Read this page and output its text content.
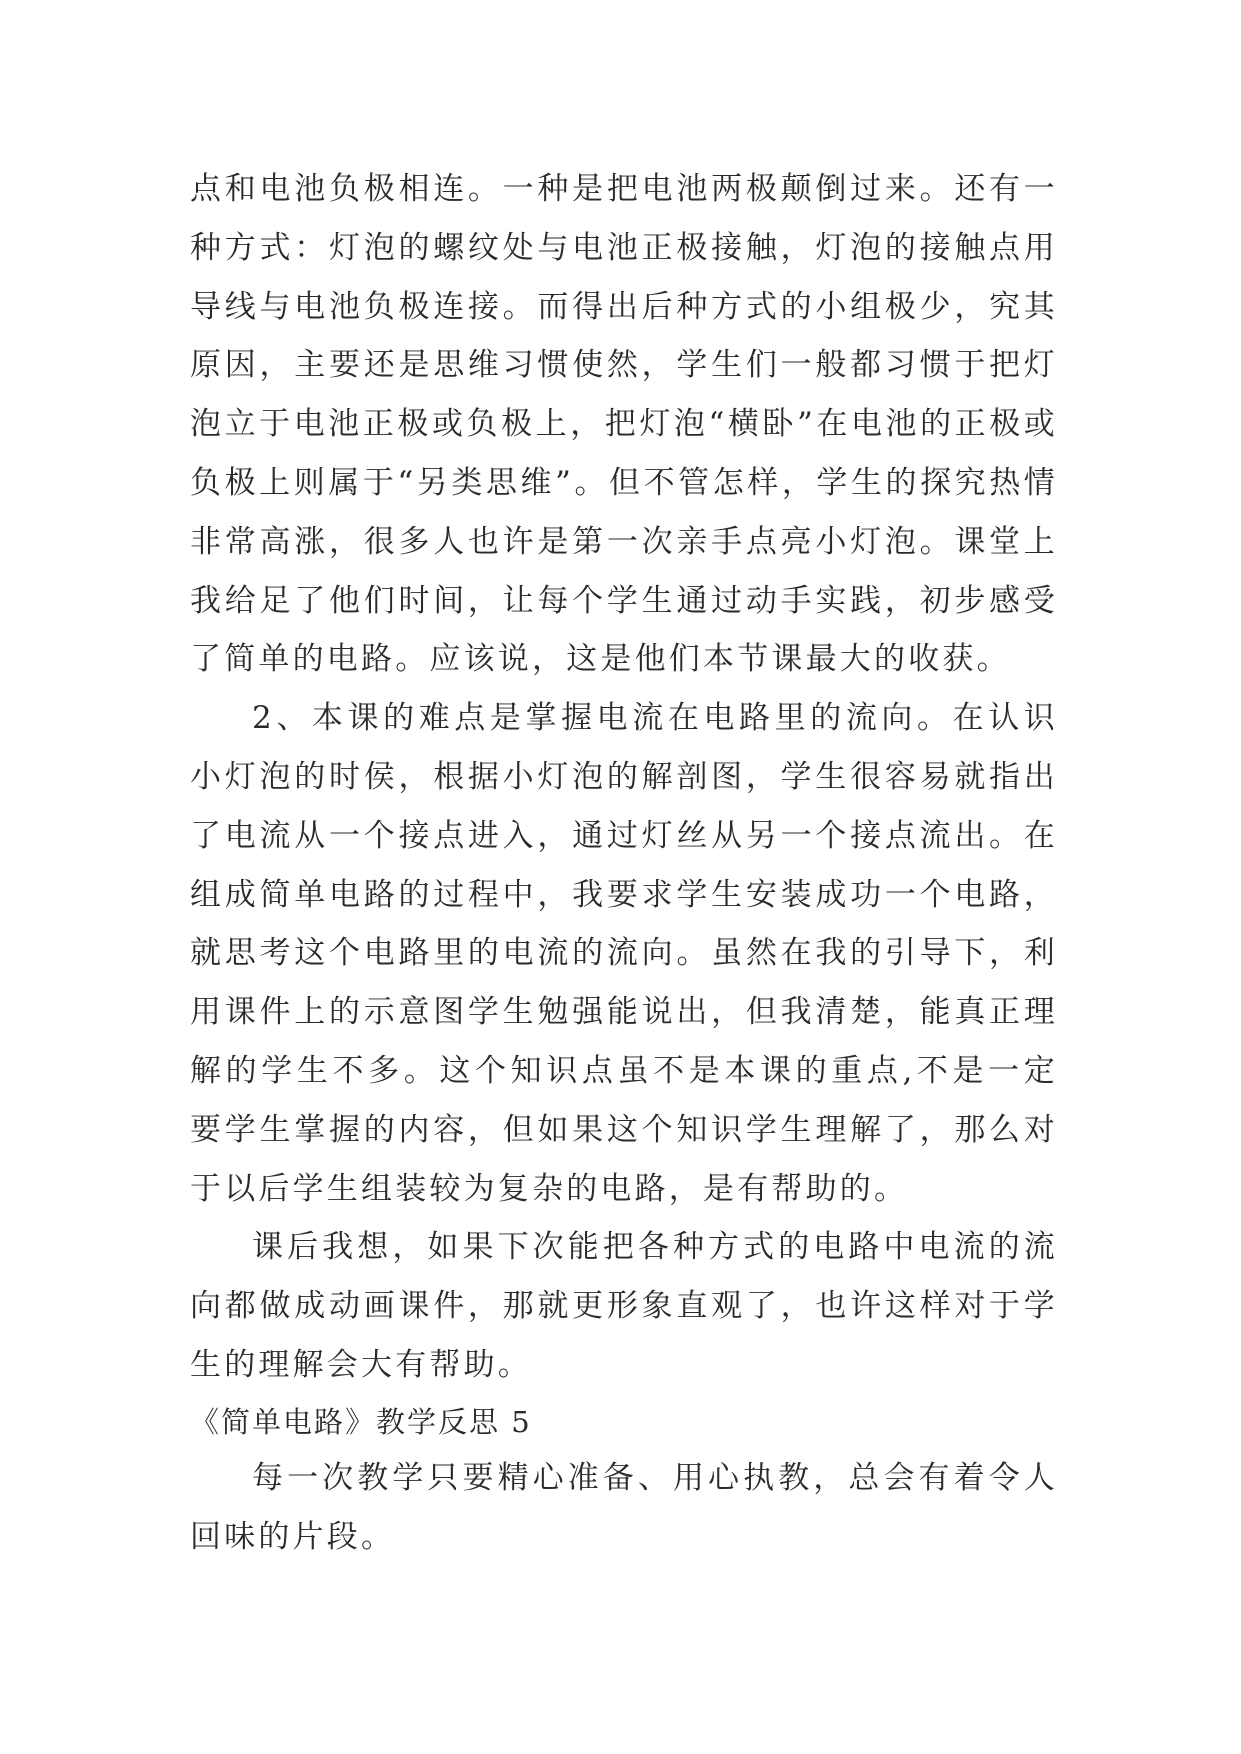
点和电池负极相连。一种是把电池两极颠倒过来。还有一种方式：灯泡的螺纹处与电池正极接触，灯泡的接触点用导线与电池负极连接。而得出后种方式的小组极少，究其原因，主要还是思维习惯使然，学生们一般都习惯于把灯泡立于电池正极或负极上，把灯泡“横卧”在电池的正极或负极上则属于“另类思维”。但不管怎样，学生的探究热情非常高涨，很多人也许是第一次亲手点亮小灯泡。课堂上我给足了他们时间，让每个学生通过动手实践，初步感受了简单的电路。应该说，这是他们本节课最大的收获。

2、本课的难点是掌握电流在电路里的流向。在认识小灯泡的时侯，根据小灯泡的解剖图，学生很容易就指出了电流从一个接点进入，通过灯丝从另一个接点流出。在组成简单电路的过程中，我要求学生安装成功一个电路，就思考这个电路里的电流的流向。虽然在我的引导下，利用课件上的示意图学生勉强能说出，但我清楚，能真正理解的学生不多。这个知识点虽不是本课的重点,不是一定要学生掌握的内容，但如果这个知识学生理解了，那么对于以后学生组装较为复杂的电路，是有帮助的。

课后我想，如果下次能把各种方式的电路中电流的流向都做成动画课件，那就更形象直观了，也许这样对于学生的理解会大有帮助。

《简单电路》教学反思 5

每一次教学只要精心准备、用心执教，总会有着令人回味的片段。
